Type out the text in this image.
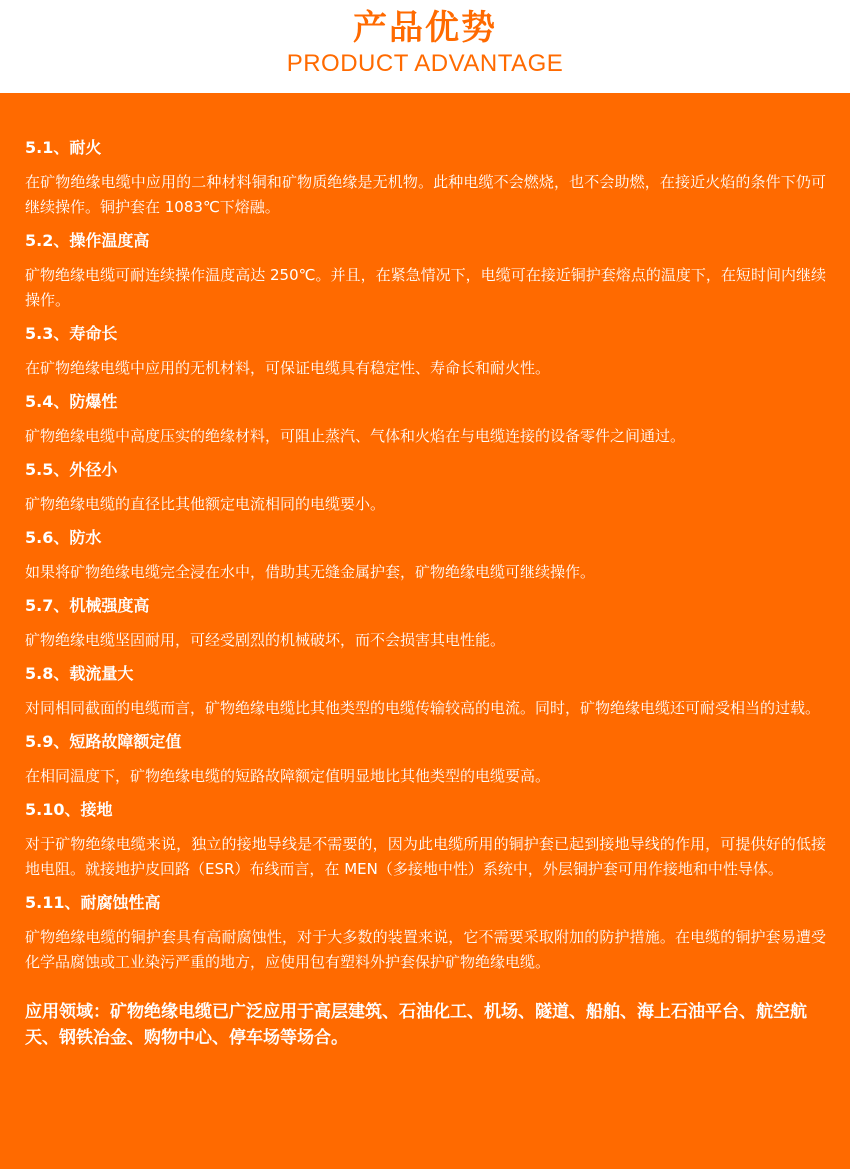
产品优势
PRODUCT ADVANTAGE
5.1、耐火
在矿物绝缘电缆中应用的二种材料铜和矿物质绝缘是无机物。此种电缆不会燃烧，也不会助燃，在接近火焰的条件下仍可继续操作。铜护套在 1083℃下熔融。
5.2、操作温度高
矿物绝缘电缆可耐连续操作温度高达 250℃。并且，在紧急情况下，电缆可在接近铜护套熔点的温度下，在短时间内继续操作。
5.3、寿命长
在矿物绝缘电缆中应用的无机材料，可保证电缆具有稳定性、寿命长和耐火性。
5.4、防爆性
矿物绝缘电缆中高度压实的绝缘材料，可阻止蒸汽、气体和火焰在与电缆连接的设备零件之间通过。
5.5、外径小
矿物绝缘电缆的直径比其他额定电流相同的电缆要小。
5.6、防水
如果将矿物绝缘电缆完全浸在水中，借助其无缝金属护套，矿物绝缘电缆可继续操作。
5.7、机械强度高
矿物绝缘电缆坚固耐用，可经受剧烈的机械破坏，而不会损害其电性能。
5.8、载流量大
对同相同截面的电缆而言，矿物绝缘电缆比其他类型的电缆传输较高的电流。同时，矿物绝缘电缆还可耐受相当的过载。
5.9、短路故障额定值
在相同温度下，矿物绝缘电缆的短路故障额定值明显地比其他类型的电缆要高。
5.10、接地
对于矿物绝缘电缆来说，独立的接地导线是不需要的，因为此电缆所用的铜护套已起到接地导线的作用，可提供好的低接地电阻。就接地护皮回路（ESR）布线而言，在 MEN（多接地中性）系统中，外层铜护套可用作接地和中性导体。
5.11、耐腐蚀性高
矿物绝缘电缆的铜护套具有高耐腐蚀性，对于大多数的装置来说，它不需要采取附加的防护措施。在电缆的铜护套易遭受化学品腐蚀或工业染污严重的地方，应使用包有塑料外护套保护矿物绝缘电缆。
应用领域：矿物绝缘电缆已广泛应用于高层建筑、石油化工、机场、隧道、船舶、海上石油平台、航空航天、钢铁冶金、购物中心、停车场等场合。
